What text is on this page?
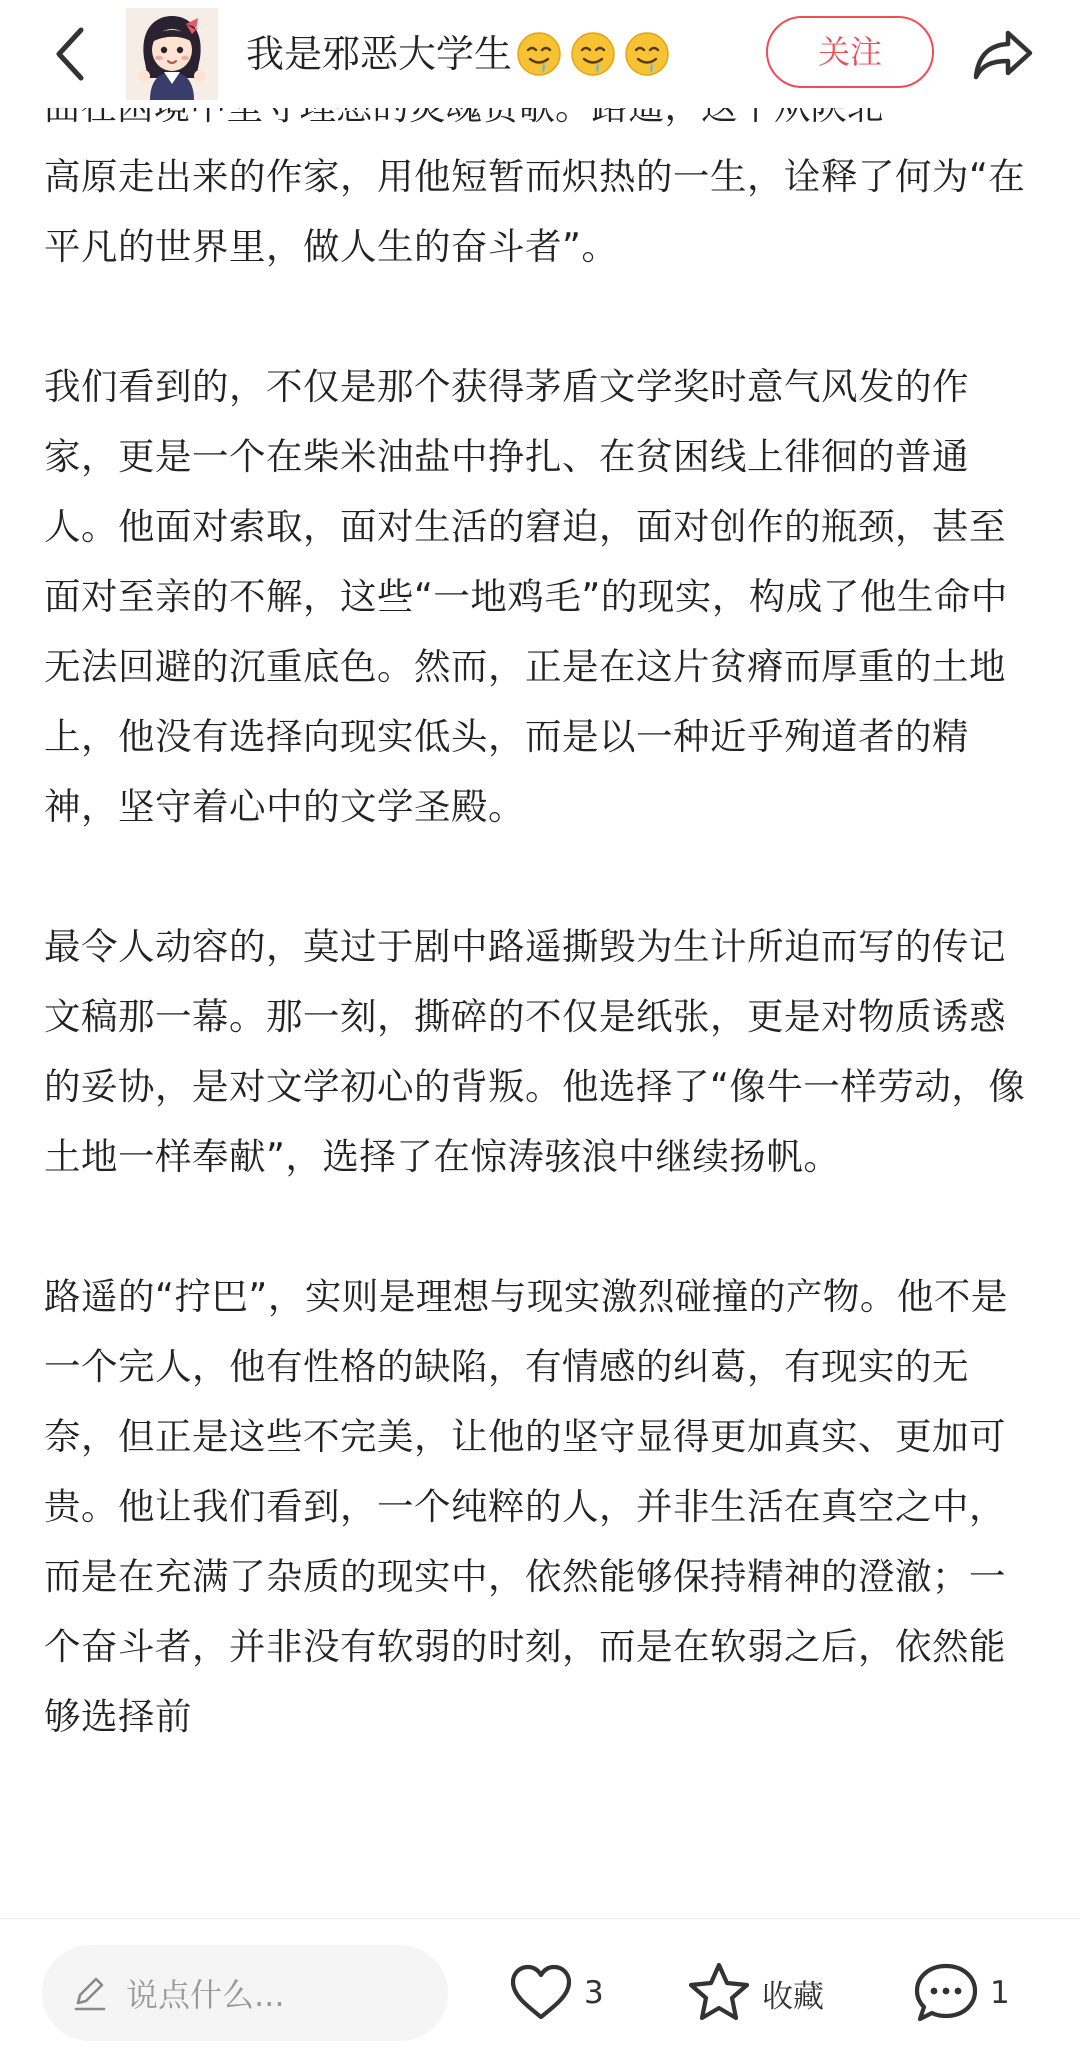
我是邪恶大学生	关注

高原走出来的作家，用他短暂而炽热的一生，诠释了何为“在平凡的世界里，做人生的奋斗者”。

我们看到的，不仅是那个获得茅盾文学奖时意气风发的作家，更是一个在柴米油盐中挣扎、在贫困线上徘徊的普通人。他面对索取，面对生活的窘迫，面对创作的瓶颈，甚至面对至亲的不解，这些“一地鸡毛”的现实，构成了他生命中无法回避的沉重底色。然而，正是在这片贫瘠而厚重的土地上，他没有选择向现实低头，而是以一种近乎殉道者的精神，坚守着心中的文学圣殿。

最令人动容的，莫过于剧中路遥撕毁为生计所迫而写的传记文稿那一幕。那一刻，撕碎的不仅是纸张，更是对物质诱惑的妥协，是对文学初心的背叛。他选择了“像牛一样劳动，像土地一样奉献”，选择了在惊涛骇浪中继续扬帆。

路遥的“拧巴”，实则是理想与现实激烈碰撞的产物。他不是一个完人，他有性格的缺陷，有情感的纠葛，有现实的无奈，但正是这些不完美，让他的坚守显得更加真实、更加可贵。他让我们看到，一个纯粹的人，并非生活在真空之中，而是在充满了杂质的现实中，依然能够保持精神的澄澈；一个奋斗者，并非没有软弱的时刻，而是在软弱之后，依然能够选择前

说点什么...	3	收藏	1
